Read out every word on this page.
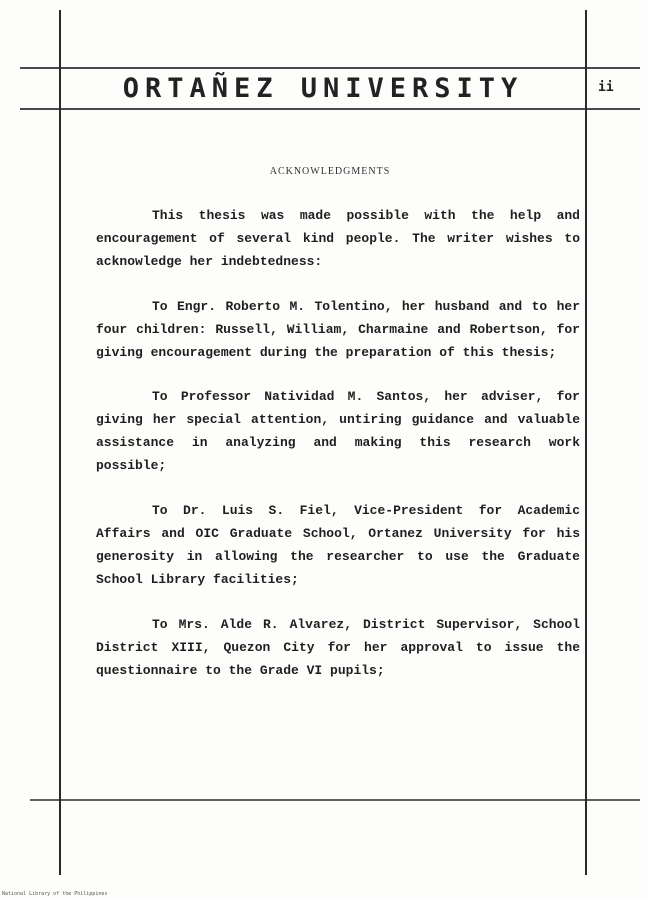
ORTAÑEZ UNIVERSITY	ii
ACKNOWLEDGMENTS

This thesis was made possible with the help and encouragement of several kind people. The writer wishes to acknowledge her indebtedness:

To Engr. Roberto M. Tolentino, her husband and to her four children: Russell, William, Charmaine and Robertson, for giving encouragement during the preparation of this thesis;

To Professor Natividad M. Santos, her adviser, for giving her special attention, untiring guidance and valuable assistance in analyzing and making this research work possible;

To Dr. Luis S. Fiel, Vice-President for Academic Affairs and OIC Graduate School, Ortanez University for his generosity in allowing the researcher to use the Graduate School Library facilities;

To Mrs. Alde R. Alvarez, District Supervisor, School District XIII, Quezon City for her approval to issue the questionnaire to the Grade VI pupils;

National Library of the Philippines
